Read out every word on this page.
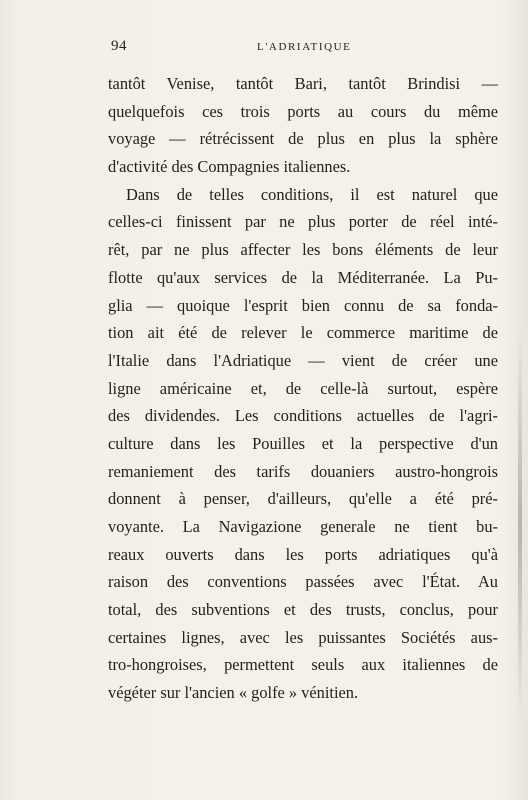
94	L'ADRIATIQUE
tantôt Venise, tantôt Bari, tantôt Brindisi —
quelquefois ces trois ports au cours du même
voyage — rétrécissent de plus en plus la sphère
d'activité des Compagnies italiennes.
Dans de telles conditions, il est naturel que
celles-ci finissent par ne plus porter de réel inté-
rêt, par ne plus affecter les bons éléments de leur
flotte qu'aux services de la Méditerranée. La Pu-
glia — quoique l'esprit bien connu de sa fonda-
tion ait été de relever le commerce maritime de
l'Italie dans l'Adriatique — vient de créer une
ligne américaine et, de celle-là surtout, espère
des dividendes. Les conditions actuelles de l'agri-
culture dans les Pouilles et la perspective d'un
remaniement des tarifs douaniers austro-hongrois
donnent à penser, d'ailleurs, qu'elle a été pré-
voyante. La Navigazione generale ne tient bu-
reaux ouverts dans les ports adriatiques qu'à
raison des conventions passées avec l'État. Au
total, des subventions et des trusts, conclus, pour
certaines lignes, avec les puissantes Sociétés aus-
tro-hongroises, permettent seuls aux italiennes de
végéter sur l'ancien « golfe » vénitien.
